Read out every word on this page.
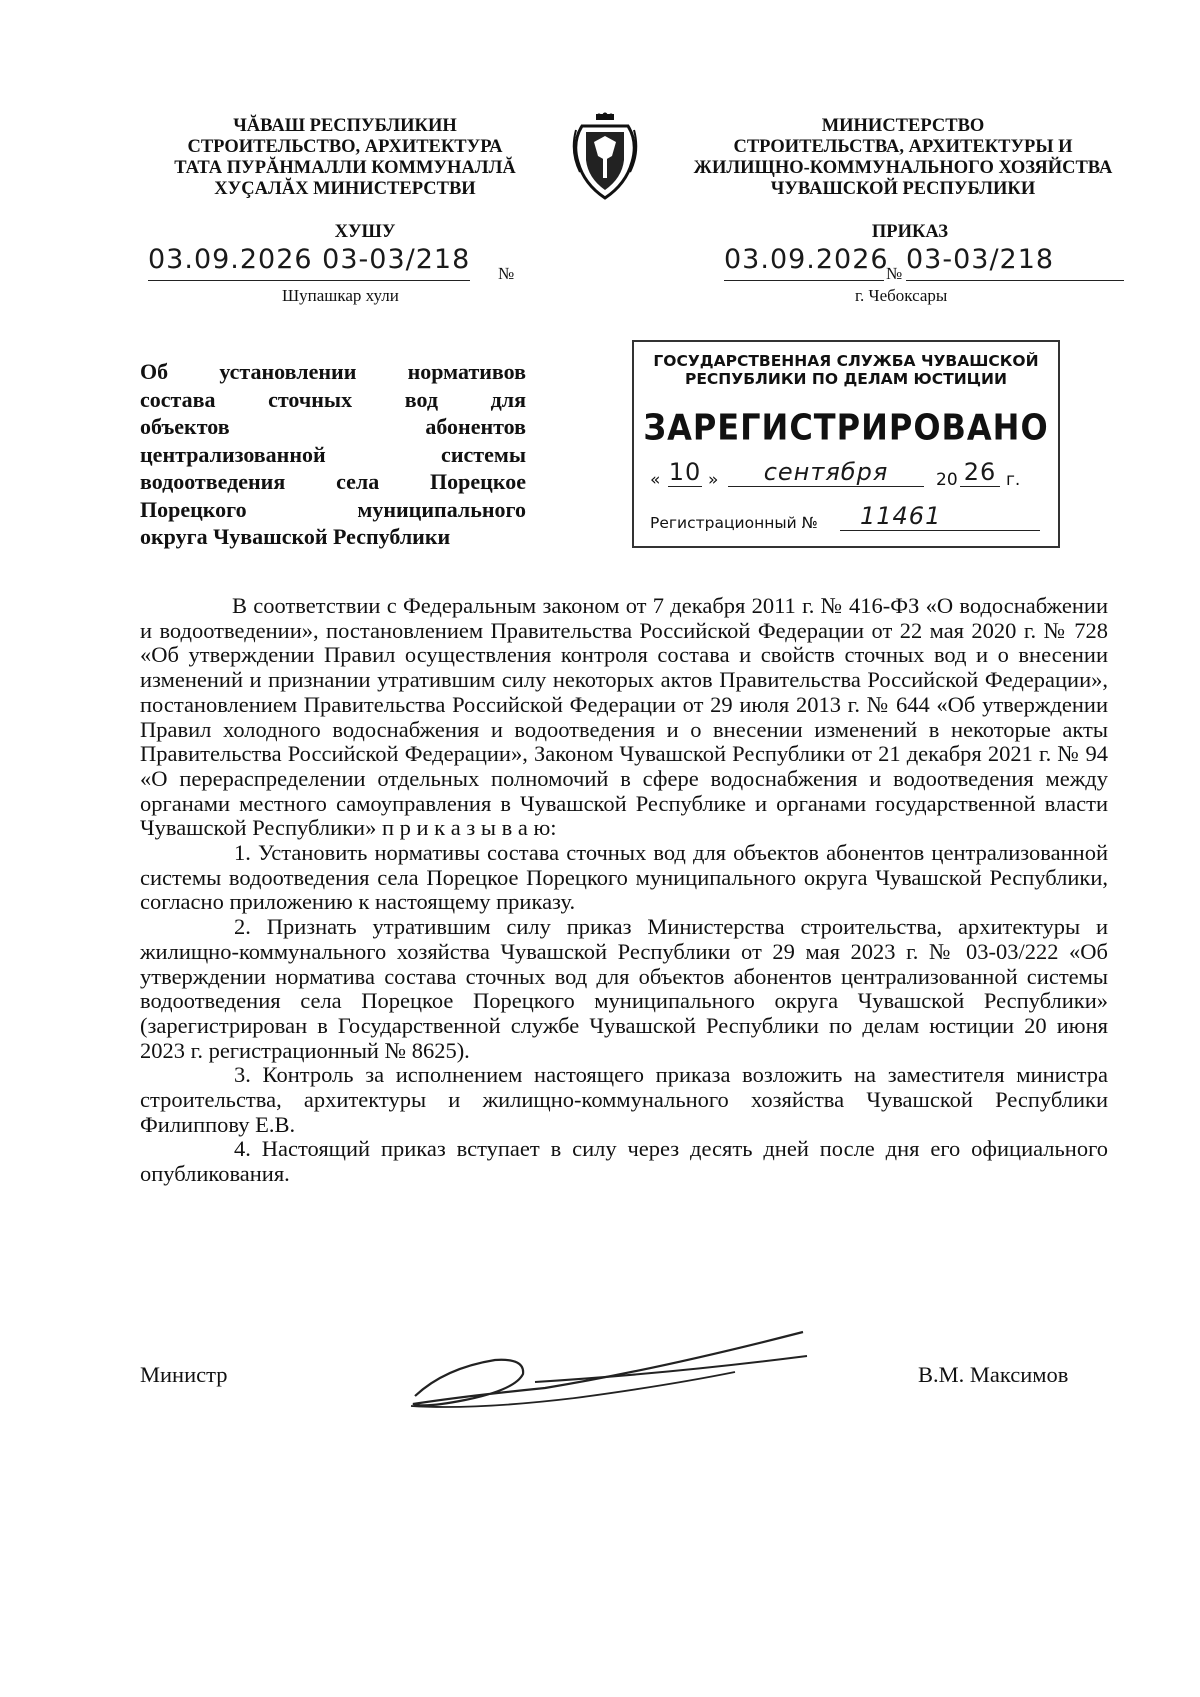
ЧĂВАШ РЕСПУБЛИКИН
СТРОИТЕЛЬСТВО, АРХИТЕКТУРА
ТАТА ПУРĂНМАЛЛИ КОММУНАЛЛĂ
ХУÇАЛĂХ МИНИСТЕРСТВИ
МИНИСТЕРСТВО
СТРОИТЕЛЬСТВА, АРХИТЕКТУРЫ И
ЖИЛИЩНО-КОММУНАЛЬНОГО ХОЗЯЙСТВА
ЧУВАШСКОЙ РЕСПУБЛИКИ
ХУШУ
03.09.2026 03-03/218 №
Шупашкар хули
ПРИКАЗ
03.09.2026
№ 03-03/218
г. Чебоксары
Об установлении нормативов
состава сточных вод для
объектов абонентов
централизованной системы
водоотведения села Порецкое
Порецкого муниципального
округа Чувашской Республики
ГОСУДАРСТВЕННАЯ СЛУЖБА ЧУВАШСКОЙ
РЕСПУБЛИКИ ПО ДЕЛАМ ЮСТИЦИИ
ЗАРЕГИСТРИРОВАНО
« 10 »	сентября	20 26 г.
Регистрационный №	11461

В соответствии с Федеральным законом от 7 декабря 2011 г. № 416-ФЗ «О водоснабжении и водоотведении», постановлением Правительства Российской Федерации от 22 мая 2020 г. № 728 «Об утверждении Правил осуществления контроля состава и свойств сточных вод и о внесении изменений и признании утратившим силу некоторых актов Правительства Российской Федерации», постановлением Правительства Российской Федерации от 29 июля 2013 г. № 644 «Об утверждении Правил холодного водоснабжения и водоотведения и о внесении изменений в некоторые акты Правительства Российской Федерации», Законом Чувашской Республики от 21 декабря 2021 г. № 94 «О перераспределении отдельных полномочий в сфере водоснабжения и водоотведения между органами местного самоуправления в Чувашской Республике и органами государственной власти Чувашской Республики» п р и к а з ы в а ю:

1. Установить нормативы состава сточных вод для объектов абонентов централизованной системы водоотведения села Порецкое Порецкого муниципального округа Чувашской Республики, согласно приложению к настоящему приказу.

2. Признать утратившим силу приказ Министерства строительства, архитектуры и жилищно-коммунального хозяйства Чувашской Республики от 29 мая 2023 г. № 03-03/222 «Об утверждении норматива состава сточных вод для объектов абонентов централизованной системы водоотведения села Порецкое Порецкого муниципального округа Чувашской Республики» (зарегистрирован в Государственной службе Чувашской Республики по делам юстиции 20 июня 2023 г. регистрационный № 8625).

3. Контроль за исполнением настоящего приказа возложить на заместителя министра строительства, архитектуры и жилищно-коммунального хозяйства Чувашской Республики Филиппову Е.В.

4. Настоящий приказ вступает в силу через десять дней после дня его официального опубликования.

Министр	В.М. Максимов
